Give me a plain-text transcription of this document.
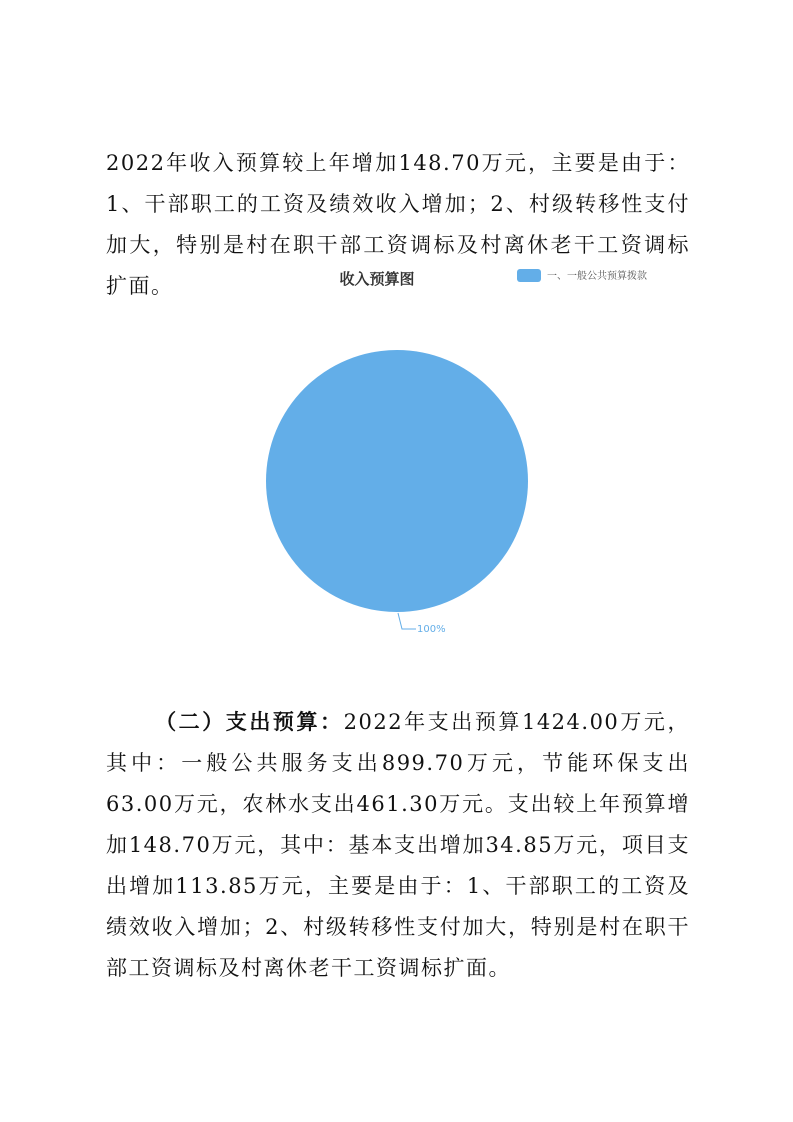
2022年收入预算较上年增加148.70万元，主要是由于：1、干部职工的工资及绩效收入增加；2、村级转移性支付加大，特别是村在职干部工资调标及村离休老干工资调标扩面。	收入预算图	一、一般公共预算拨款
100%

（二）支出预算：2022年支出预算1424.00万元，其中：一般公共服务支出899.70万元，节能环保支出63.00万元，农林水支出461.30万元。支出较上年预算增加148.70万元，其中：基本支出增加34.85万元，项目支出增加113.85万元，主要是由于：1、干部职工的工资及绩效收入增加；2、村级转移性支付加大，特别是村在职干部工资调标及村离休老干工资调标扩面。
